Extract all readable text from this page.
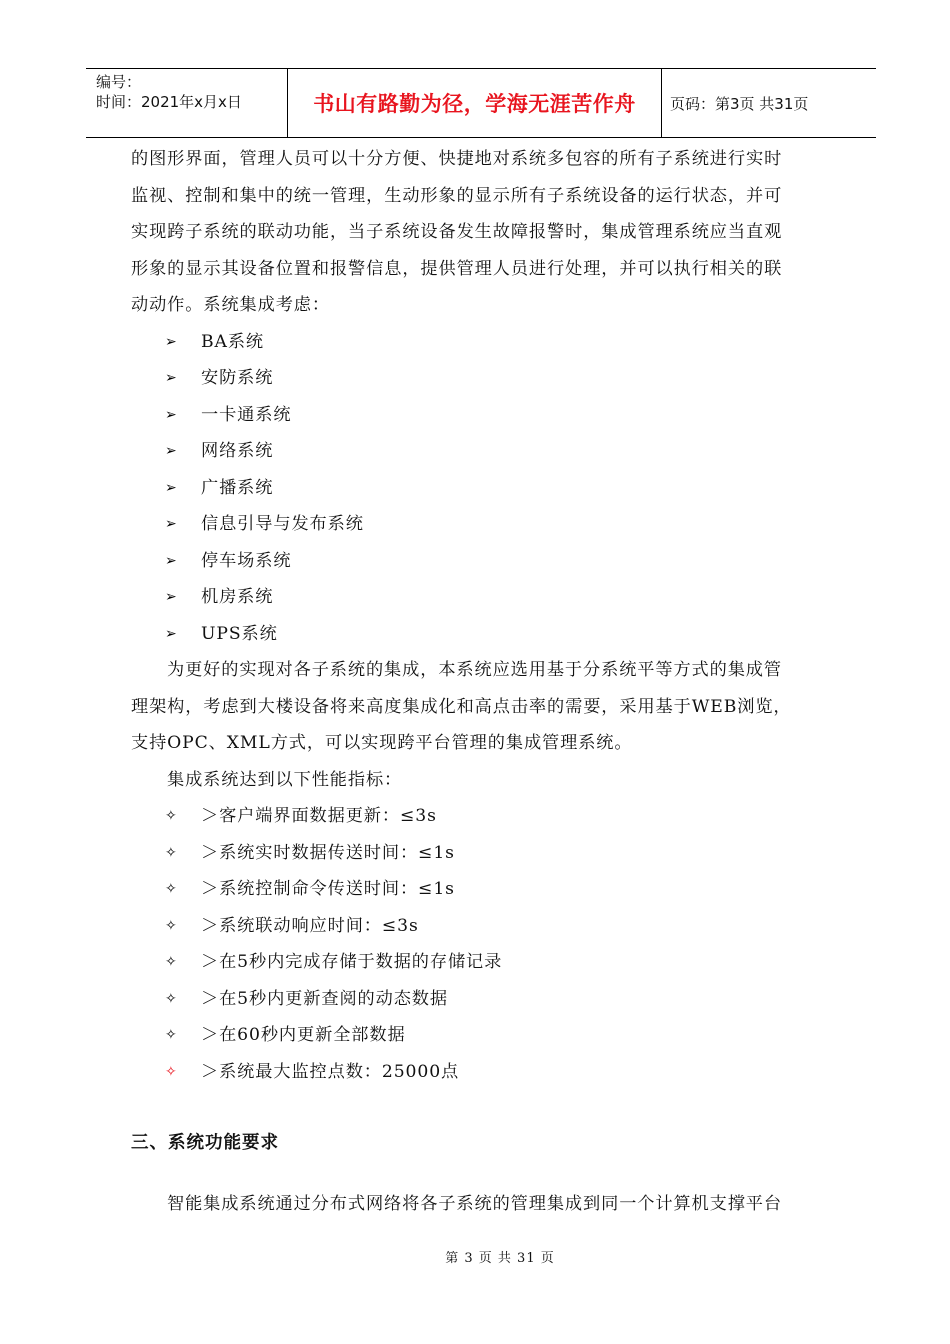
编号：
时间：2021年x月x日	书山有路勤为径，学海无涯苦作舟	页码：第3页 共31页

的图形界面，管理人员可以十分方便、快捷地对系统多包容的所有子系统进行实时

监视、控制和集中的统一管理，生动形象的显示所有子系统设备的运行状态，并可

实现跨子系统的联动功能，当子系统设备发生故障报警时，集成管理系统应当直观

形象的显示其设备位置和报警信息，提供管理人员进行处理，并可以执行相关的联

动动作。系统集成考虑：

➢	BA系统
➢	安防系统
➢	一卡通系统
➢	网络系统
➢	广播系统
➢	信息引导与发布系统
➢	停车场系统
➢	机房系统
➢	UPS系统

为更好的实现对各子系统的集成，本系统应选用基于分系统平等方式的集成管

理架构，考虑到大楼设备将来高度集成化和高点击率的需要，采用基于WEB浏览，

支持OPC、XML方式，可以实现跨平台管理的集成管理系统。

集成系统达到以下性能指标：

✧	＞客户端界面数据更新：≤3s
✧	＞系统实时数据传送时间：≤1s
✧	＞系统控制命令传送时间：≤1s
✧	＞系统联动响应时间：≤3s
✧	＞在5秒内完成存储于数据的存储记录
✧	＞在5秒内更新查阅的动态数据
✧	＞在60秒内更新全部数据
✧	＞系统最大监控点数：25000点
三、系统功能要求

智能集成系统通过分布式网络将各子系统的管理集成到同一个计算机支撑平台

第 3 页 共 31 页
